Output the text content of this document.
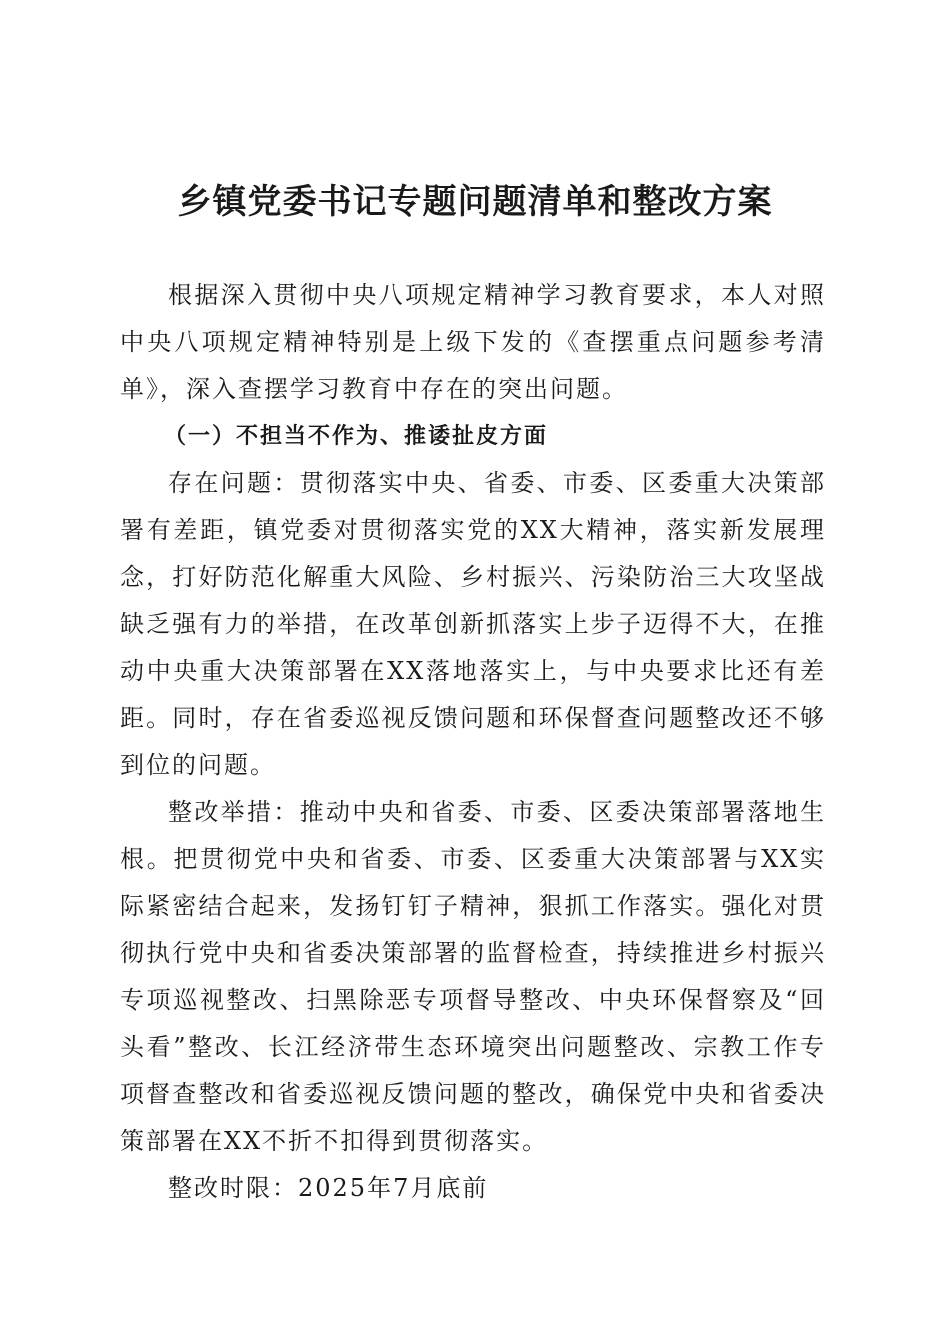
乡镇党委书记专题问题清单和整改方案

根据深入贯彻中央八项规定精神学习教育要求，本人对照中央八项规定精神特别是上级下发的《查摆重点问题参考清单》，深入查摆学习教育中存在的突出问题。

（一）不担当不作为、推诿扯皮方面

存在问题：贯彻落实中央、省委、市委、区委重大决策部署有差距，镇党委对贯彻落实党的XX大精神，落实新发展理念，打好防范化解重大风险、乡村振兴、污染防治三大攻坚战缺乏强有力的举措，在改革创新抓落实上步子迈得不大，在推动中央重大决策部署在XX落地落实上，与中央要求比还有差距。同时，存在省委巡视反馈问题和环保督查问题整改还不够到位的问题。

整改举措：推动中央和省委、市委、区委决策部署落地生根。把贯彻党中央和省委、市委、区委重大决策部署与XX实际紧密结合起来，发扬钉钉子精神，狠抓工作落实。强化对贯彻执行党中央和省委决策部署的监督检查，持续推进乡村振兴专项巡视整改、扫黑除恶专项督导整改、中央环保督察及“回头看”整改、长江经济带生态环境突出问题整改、宗教工作专项督查整改和省委巡视反馈问题的整改，确保党中央和省委决策部署在XX不折不扣得到贯彻落实。

整改时限：2025年7月底前
